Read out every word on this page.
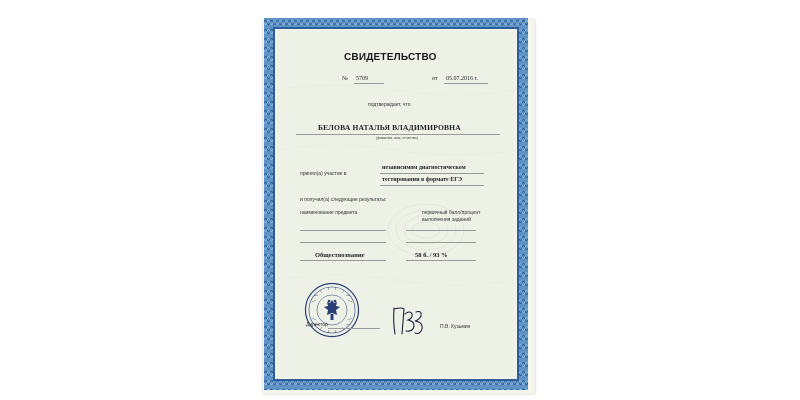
СВИДЕТЕЛЬСТВО
№ 5709	от 05.07.2016 г.
подтверждает, что
БЕЛОВА НАТАЛЬЯ ВЛАДИМИРОВНА
(фамилия, имя, отчество)
принял(а) участие в
независимом диагностическом
тестировании в формате ЕГЭ
и получил(а) следующие результаты:
наименование предмета	первичный балл/процент
выполнения заданий
Обществознание	58 б. / 93 %
Директор	П.В. Кузьмин
